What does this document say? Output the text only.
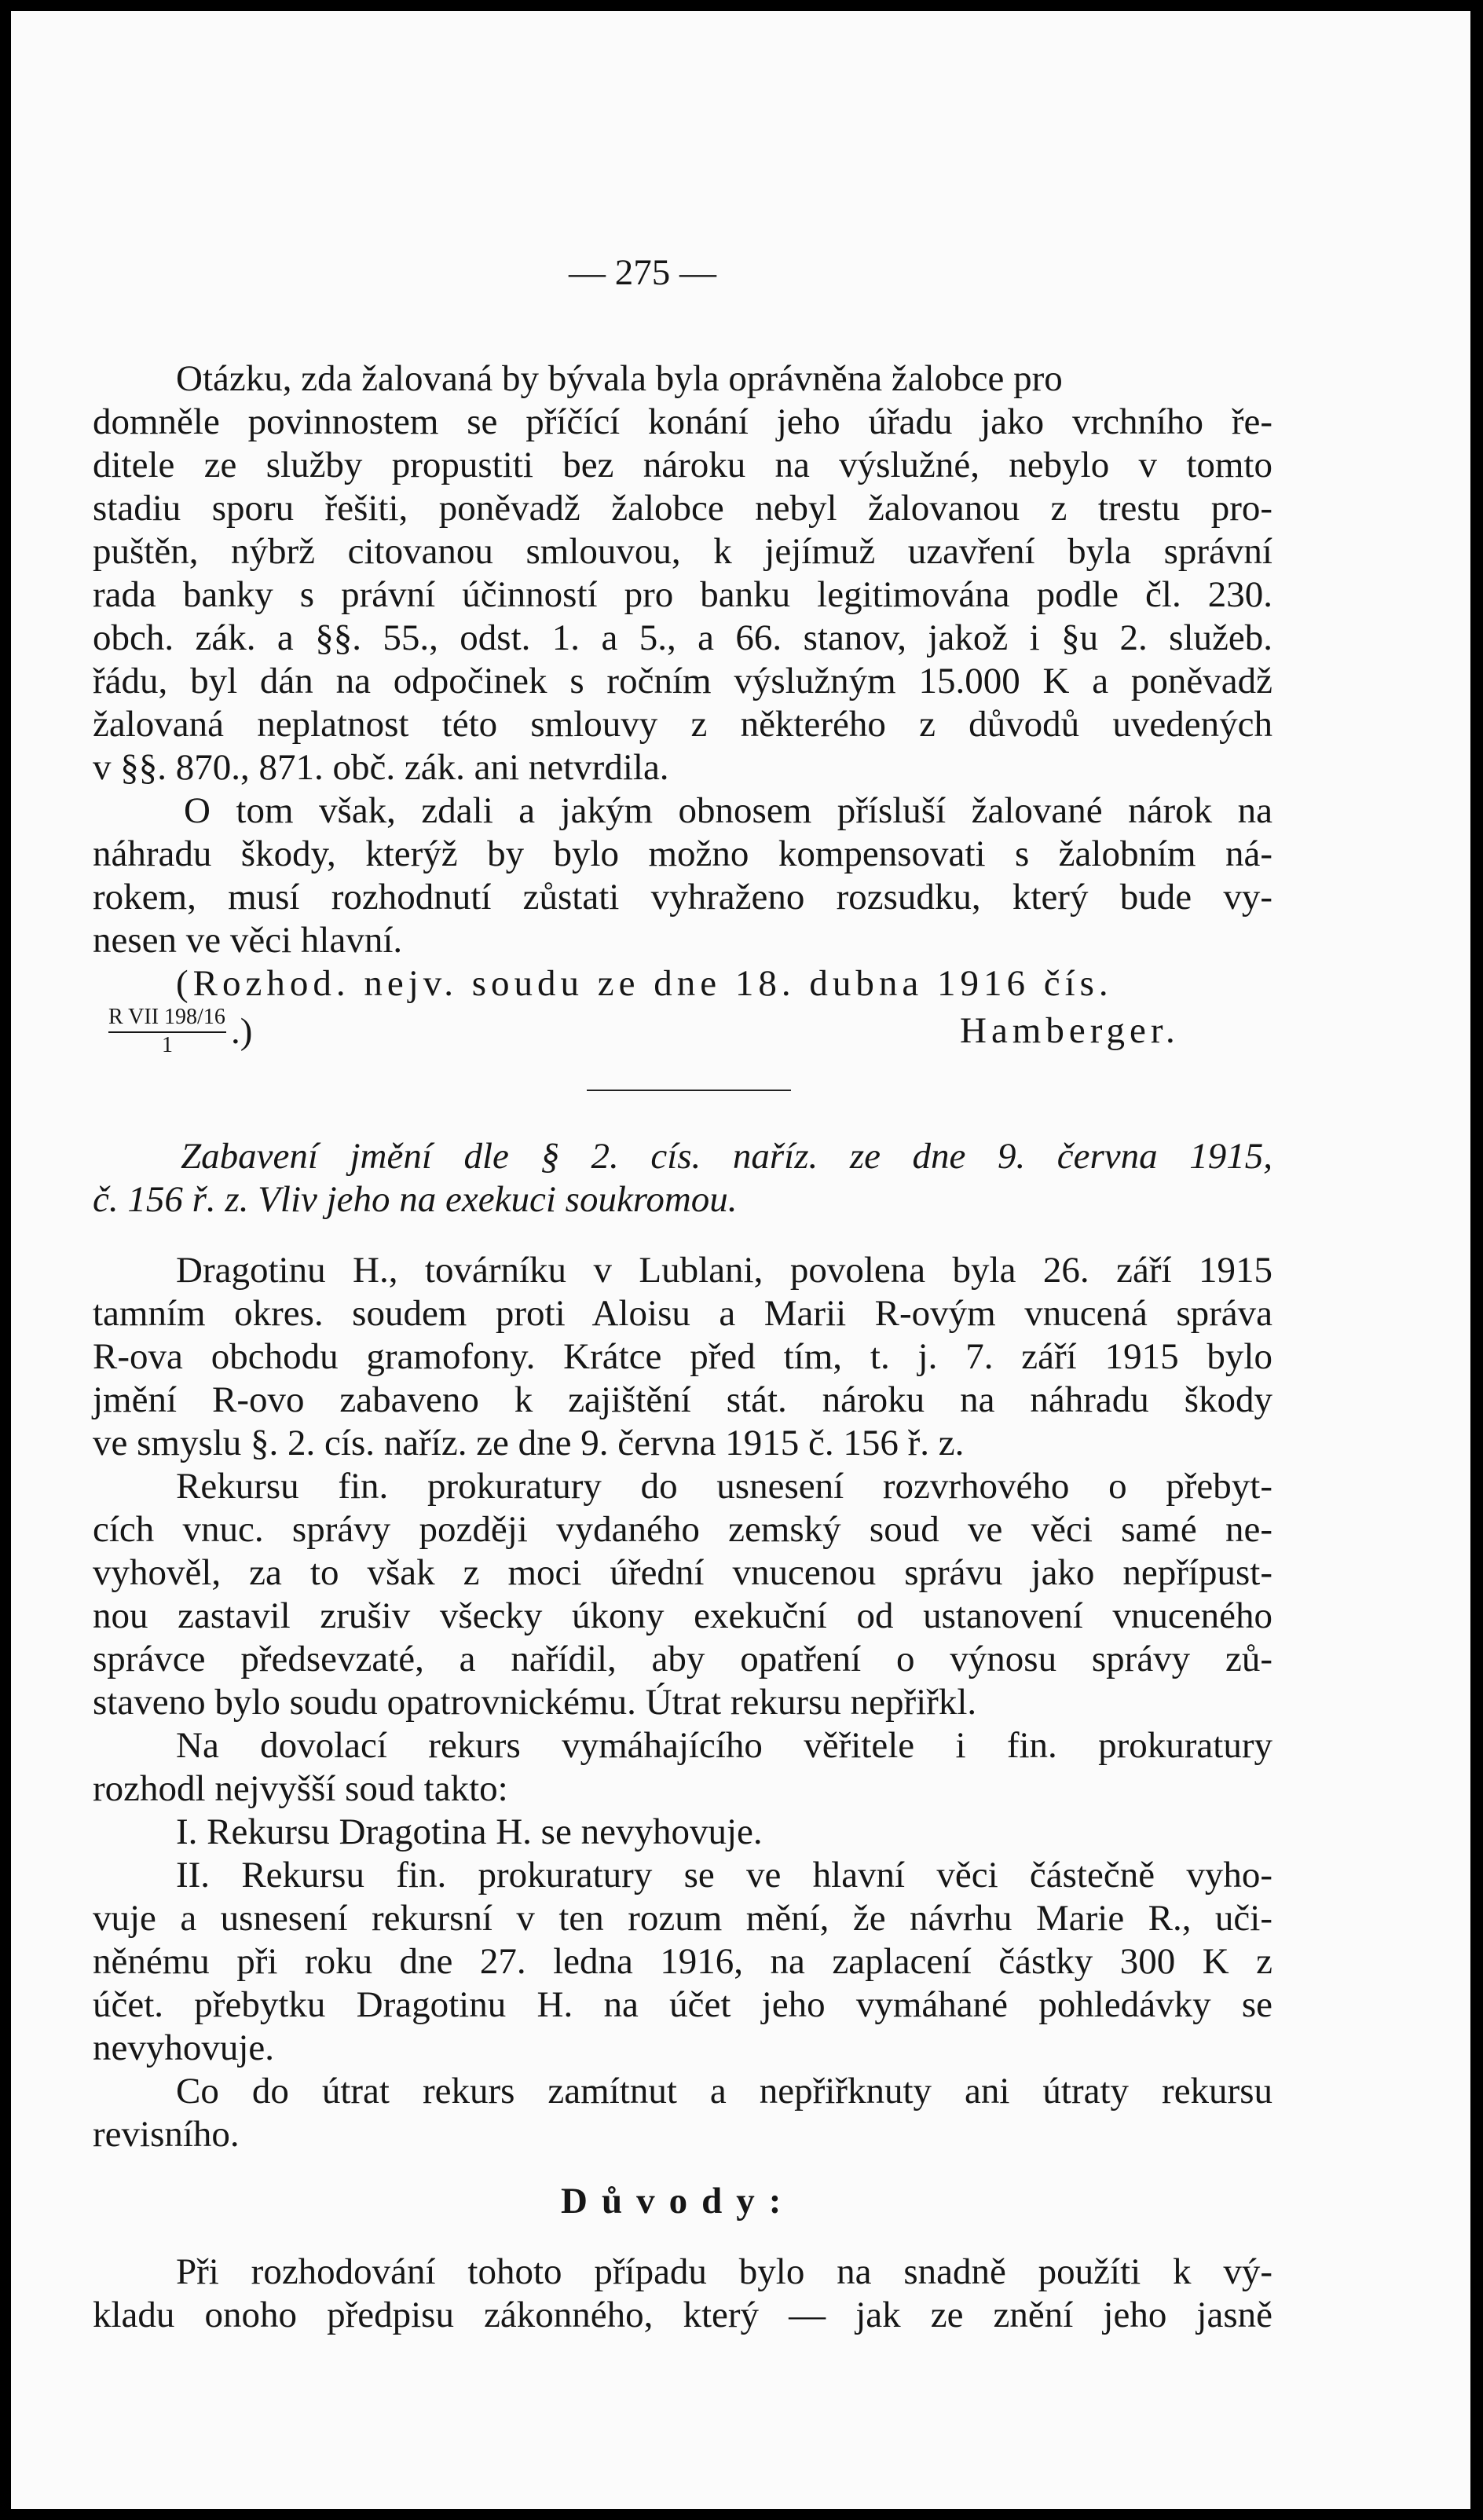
— 275 —
Otázku, zda žalovaná by bývala byla oprávněna žalobce pro
domněle povinnostem se příčící konání jeho úřadu jako vrchního ře-
ditele ze služby propustiti bez nároku na výslužné, nebylo v tomto
stadiu sporu řešiti, poněvadž žalobce nebyl žalovanou z trestu pro-
puštěn, nýbrž citovanou smlouvou, k jejímuž uzavření byla správní
rada banky s právní účinností pro banku legitimována podle čl. 230.
obch. zák. a §§. 55., odst. 1. a 5., a 66. stanov, jakož i §u 2. služeb.
řádu, byl dán na odpočinek s ročním výslužným 15.000 K a poněvadž
žalovaná neplatnost této smlouvy z některého z důvodů uvedených
v §§. 870., 871. obč. zák. ani netvrdila.
O tom však, zdali a jakým obnosem přísluší žalované nárok na
náhradu škody, kterýž by bylo možno kompensovati s žalobním ná-
rokem, musí rozhodnutí zůstati vyhraženo rozsudku, který bude vy-
nesen ve věci hlavní.
(Rozhod. nejv. soudu ze dne 18. dubna 1916 čís.
R VII 198/16
1	.)	Hamberger.
Zabavení jmění dle § 2. cís. naříz. ze dne 9. června 1915,
č. 156 ř. z. Vliv jeho na exekuci soukromou.
Dragotinu H., továrníku v Lublani, povolena byla 26. září 1915
tamním okres. soudem proti Aloisu a Marii R-ovým vnucená správa
R-ova obchodu gramofony. Krátce před tím, t. j. 7. září 1915 bylo
jmění R-ovo zabaveno k zajištění stát. nároku na náhradu škody
ve smyslu §. 2. cís. naříz. ze dne 9. června 1915 č. 156 ř. z.
Rekursu fin. prokuratury do usnesení rozvrhového o přebyt-
cích vnuc. správy později vydaného zemský soud ve věci samé ne-
vyhověl, za to však z moci úřední vnucenou správu jako nepřípust-
nou zastavil zrušiv všecky úkony exekuční od ustanovení vnuceného
správce předsevzaté, a nařídil, aby opatření o výnosu správy zů-
staveno bylo soudu opatrovnickému. Útrat rekursu nepřiřkl.
Na dovolací rekurs vymáhajícího věřitele i fin. prokuratury
rozhodl nejvyšší soud takto:
I. Rekursu Dragotina H. se nevyhovuje.
II. Rekursu fin. prokuratury se ve hlavní věci částečně vyho-
vuje a usnesení rekursní v ten rozum mění, že návrhu Marie R., uči-
něnému při roku dne 27. ledna 1916, na zaplacení částky 300 K z
účet. přebytku Dragotinu H. na účet jeho vymáhané pohledávky se
nevyhovuje.
Co do útrat rekurs zamítnut a nepřiřknuty ani útraty rekursu
revisního.
Důvody:
Při rozhodování tohoto případu bylo na snadně použíti k vý-
kladu onoho předpisu zákonného, který — jak ze znění jeho jasně
